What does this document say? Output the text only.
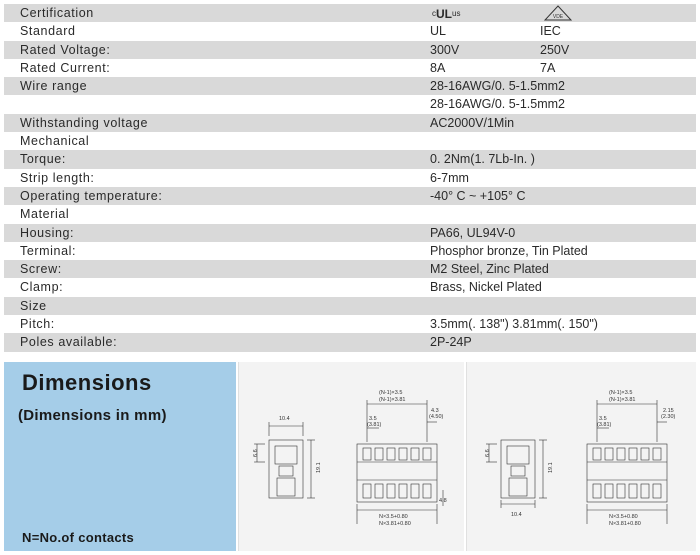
Certification	$^cUL^{us}$	VDE
Standard	UL	IEC
Rated Voltage:	300V	250V
Rated Current:	8A	7A
Wire range	28-16AWG/0. 5-1.5mm2
28-16AWG/0. 5-1.5mm2
Withstanding voltage	AC2000V/1Min
Mechanical
Torque:	0. 2Nm(1. 7Lb-In. )
Strip length:	6-7mm
Operating temperature:	-40° C ~ +105° C
Material
Housing:	PA66, UL94V-0
Terminal:	Phosphor bronze, Tin Plated
Screw:	M2 Steel, Zinc Plated
Clamp:	Brass, Nickel Plated
Size
Pitch:	3.5mm(. 138") 3.81mm(. 150")
Poles available:	2P-24P
Dimensions
(Dimensions in mm)
N=No.of contacts
10.4
6.6
19.1
(N-1)×3.5
(N-1)×3.81
3.5
(3.81)
4.3
(4.50)
N×3.5+0.80
N×3.81+0.80
4.8
10.4
6.6
19.1
(N-1)×3.5
(N-1)×3.81
3.5
(3.81)
2.15
(2.30)
N×3.5+0.80
N×3.81+0.80
